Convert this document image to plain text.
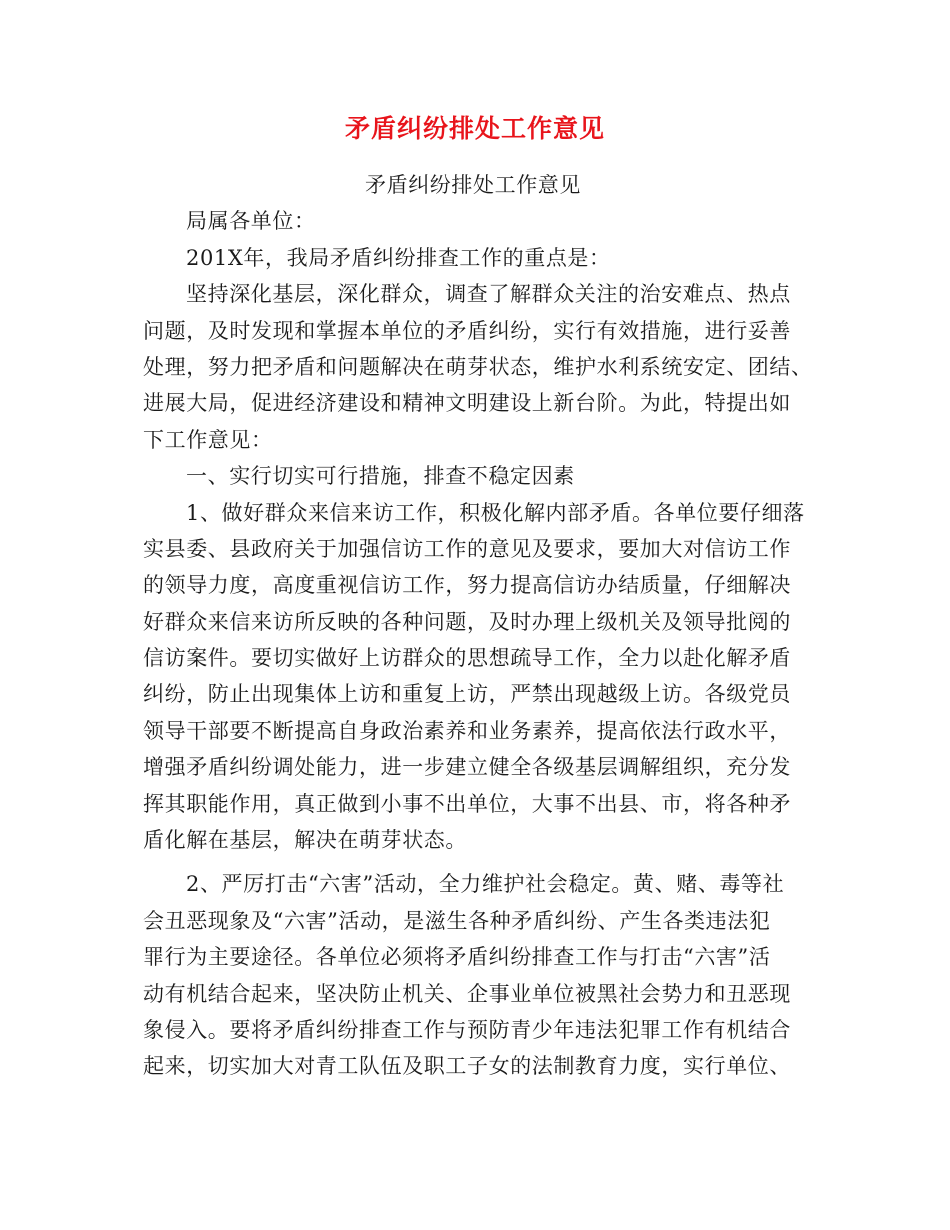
矛盾纠纷排处工作意见
矛盾纠纷排处工作意见
局属各单位：
201X年，我局矛盾纠纷排查工作的重点是：
坚持深化基层，深化群众，调查了解群众关注的治安难点、热点
问题，及时发现和掌握本单位的矛盾纠纷，实行有效措施，进行妥善
处理，努力把矛盾和问题解决在萌芽状态，维护水利系统安定、团结、
进展大局，促进经济建设和精神文明建设上新台阶。为此，特提出如
下工作意见：
一、实行切实可行措施，排查不稳定因素
1、做好群众来信来访工作，积极化解内部矛盾。各单位要仔细落
实县委、县政府关于加强信访工作的意见及要求，要加大对信访工作
的领导力度，高度重视信访工作，努力提高信访办结质量，仔细解决
好群众来信来访所反映的各种问题，及时办理上级机关及领导批阅的
信访案件。要切实做好上访群众的思想疏导工作，全力以赴化解矛盾
纠纷，防止出现集体上访和重复上访，严禁出现越级上访。各级党员
领导干部要不断提高自身政治素养和业务素养，提高依法行政水平，
增强矛盾纠纷调处能力，进一步建立健全各级基层调解组织，充分发
挥其职能作用，真正做到小事不出单位，大事不出县、市，将各种矛
盾化解在基层，解决在萌芽状态。
2、严厉打击“六害”活动，全力维护社会稳定。黄、赌、毒等社
会丑恶现象及“六害”活动，是滋生各种矛盾纠纷、产生各类违法犯
罪行为主要途径。各单位必须将矛盾纠纷排查工作与打击“六害”活
动有机结合起来，坚决防止机关、企事业单位被黑社会势力和丑恶现
象侵入。要将矛盾纠纷排查工作与预防青少年违法犯罪工作有机结合
起来，切实加大对青工队伍及职工子女的法制教育力度，实行单位、
